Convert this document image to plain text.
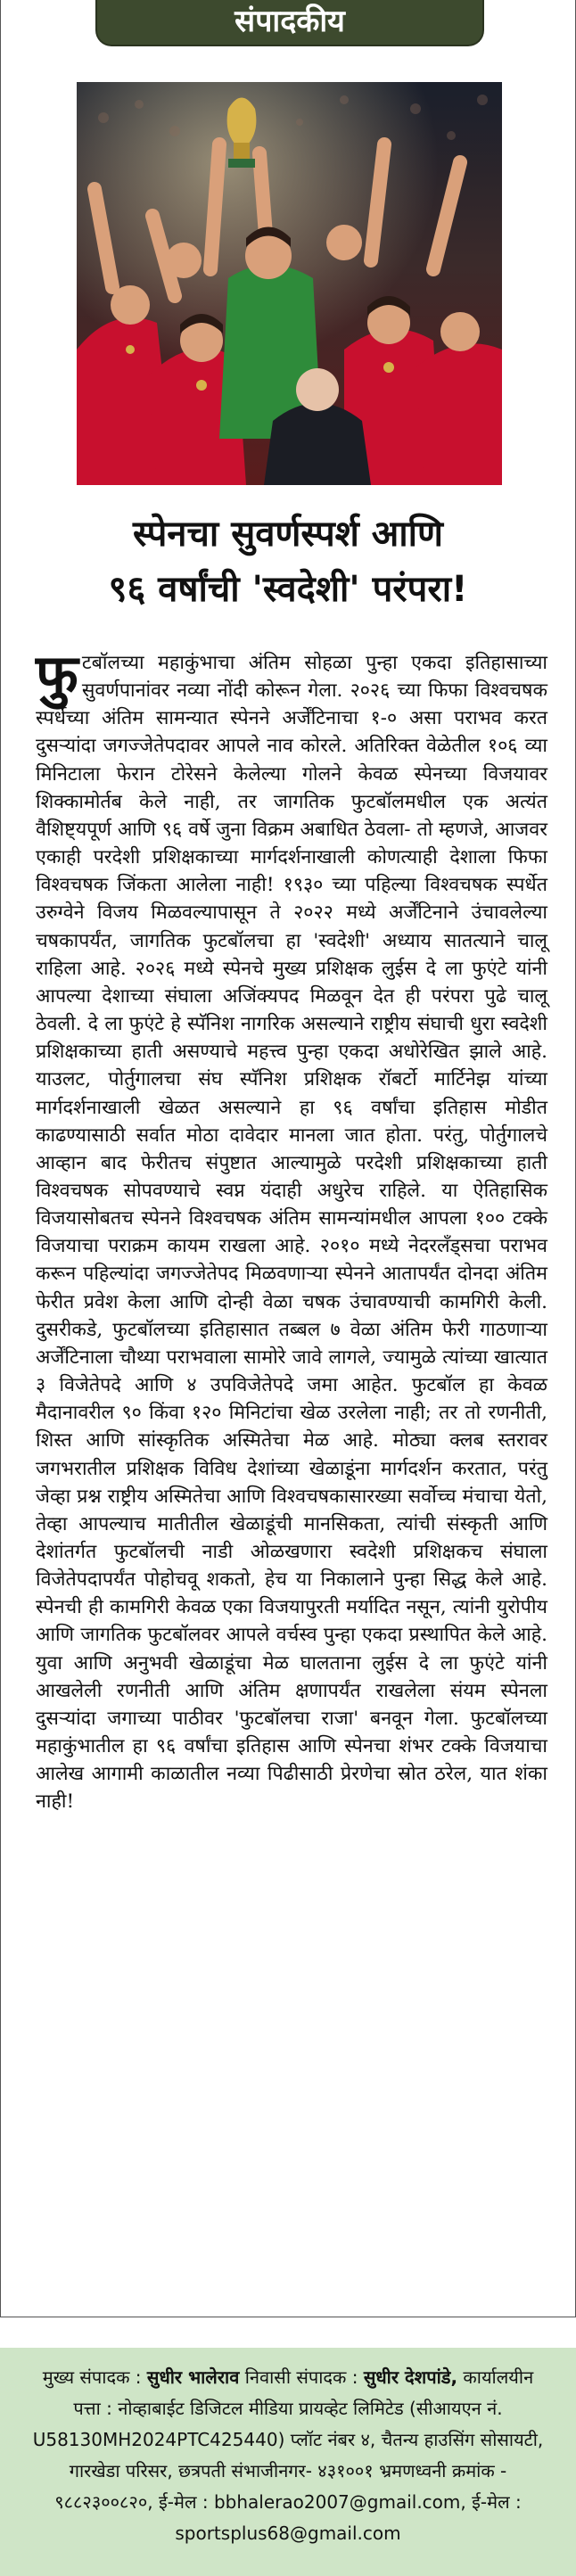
संपादकीय
स्पेनचा सुवर्णस्पर्श आणि
९६ वर्षांची 'स्वदेशी' परंपरा!
फु टबॉलच्या महाकुंभाचा अंतिम सोहळा पुन्हा एकदा इतिहासाच्या सुवर्णपानांवर नव्या नोंदी कोरून गेला. २०२६ च्या फिफा विश्वचषक स्पर्धेच्या अंतिम सामन्यात स्पेनने अर्जेंटिनाचा १-० असा पराभव करत दुसऱ्यांदा जगज्जेतेपदावर आपले नाव कोरले. अतिरिक्त वेळेतील १०६ व्या मिनिटाला फेरान टोरेसने केलेल्या गोलने केवळ स्पेनच्या विजयावर शिक्कामोर्तब केले नाही, तर जागतिक फुटबॉलमधील एक अत्यंत वैशिष्ट्यपूर्ण आणि ९६ वर्षे जुना विक्रम अबाधित ठेवला- तो म्हणजे, आजवर एकाही परदेशी प्रशिक्षकाच्या मार्गदर्शनाखाली कोणत्याही देशाला फिफा विश्वचषक जिंकता आलेला नाही! १९३० च्या पहिल्या विश्वचषक स्पर्धेत उरुग्वेने विजय मिळवल्यापासून ते २०२२ मध्ये अर्जेंटिनाने उंचावलेल्या चषकापर्यंत, जागतिक फुटबॉलचा हा 'स्वदेशी' अध्याय सातत्याने चालू राहिला आहे. २०२६ मध्ये स्पेनचे मुख्य प्रशिक्षक लुईस दे ला फुएंटे यांनी आपल्या देशाच्या संघाला अजिंक्यपद मिळवून देत ही परंपरा पुढे चालू ठेवली. दे ला फुएंटे हे स्पॅनिश नागरिक असल्याने राष्ट्रीय संघाची धुरा स्वदेशी प्रशिक्षकाच्या हाती असण्याचे महत्त्व पुन्हा एकदा अधोरेखित झाले आहे. याउलट, पोर्तुगालचा संघ स्पॅनिश प्रशिक्षक रॉबर्टो मार्टिनेझ यांच्या मार्गदर्शनाखाली खेळत असल्याने हा ९६ वर्षांचा इतिहास मोडीत काढण्यासाठी सर्वात मोठा दावेदार मानला जात होता. परंतु, पोर्तुगालचे आव्हान बाद फेरीतच संपुष्टात आल्यामुळे परदेशी प्रशिक्षकाच्या हाती विश्वचषक सोपवण्याचे स्वप्न यंदाही अधुरेच राहिले. या ऐतिहासिक विजयासोबतच स्पेनने विश्वचषक अंतिम सामन्यांमधील आपला १०० टक्के विजयाचा पराक्रम कायम राखला आहे. २०१० मध्ये नेदरलँड्सचा पराभव करून पहिल्यांदा जगज्जेतेपद मिळवणाऱ्या स्पेनने आतापर्यंत दोनदा अंतिम फेरीत प्रवेश केला आणि दोन्ही वेळा चषक उंचावण्याची कामगिरी केली. दुसरीकडे, फुटबॉलच्या इतिहासात तब्बल ७ वेळा अंतिम फेरी गाठणाऱ्या अर्जेंटिनाला चौथ्या पराभवाला सामोरे जावे लागले, ज्यामुळे त्यांच्या खात्यात ३ विजेतेपदे आणि ४ उपविजेतेपदे जमा आहेत. फुटबॉल हा केवळ मैदानावरील ९० किंवा १२० मिनिटांचा खेळ उरलेला नाही; तर तो रणनीती, शिस्त आणि सांस्कृतिक अस्मितेचा मेळ आहे. मोठ्या क्लब स्तरावर जगभरातील प्रशिक्षक विविध देशांच्या खेळाडूंना मार्गदर्शन करतात, परंतु जेव्हा प्रश्न राष्ट्रीय अस्मितेचा आणि विश्वचषकासारख्या सर्वोच्च मंचाचा येतो, तेव्हा आपल्याच मातीतील खेळाडूंची मानसिकता, त्यांची संस्कृती आणि देशांतर्गत फुटबॉलची नाडी ओळखणारा स्वदेशी प्रशिक्षकच संघाला विजेतेपदापर्यंत पोहोचवू शकतो, हेच या निकालाने पुन्हा सिद्ध केले आहे. स्पेनची ही कामगिरी केवळ एका विजयापुरती मर्यादित नसून, त्यांनी युरोपीय आणि जागतिक फुटबॉलवर आपले वर्चस्व पुन्हा एकदा प्रस्थापित केले आहे. युवा आणि अनुभवी खेळाडूंचा मेळ घालताना लुईस दे ला फुएंटे यांनी आखलेली रणनीती आणि अंतिम क्षणापर्यंत राखलेला संयम स्पेनला दुसऱ्यांदा जगाच्या पाठीवर 'फुटबॉलचा राजा' बनवून गेला. फुटबॉलच्या महाकुंभातील हा ९६ वर्षांचा इतिहास आणि स्पेनचा शंभर टक्के विजयाचा आलेख आगामी काळातील नव्या पिढीसाठी प्रेरणेचा स्रोत ठरेल, यात शंका नाही!
मुख्य संपादक : सुधीर भालेराव निवासी संपादक : सुधीर देशपांडे, कार्यालयीन पत्ता : नोव्हाबाईट डिजिटल मीडिया प्रायव्हेट लिमिटेड (सीआयएन नं. U58130MH2024PTC425440) प्लॉट नंबर ४, चैतन्य हाउसिंग सोसायटी, गारखेडा परिसर, छत्रपती संभाजीनगर- ४३१००१ भ्रमणध्वनी क्रमांक - ९८८२३००८२०, ई-मेल : bbhalerao2007@gmail.com, ई-मेल : sportsplus68@gmail.com
